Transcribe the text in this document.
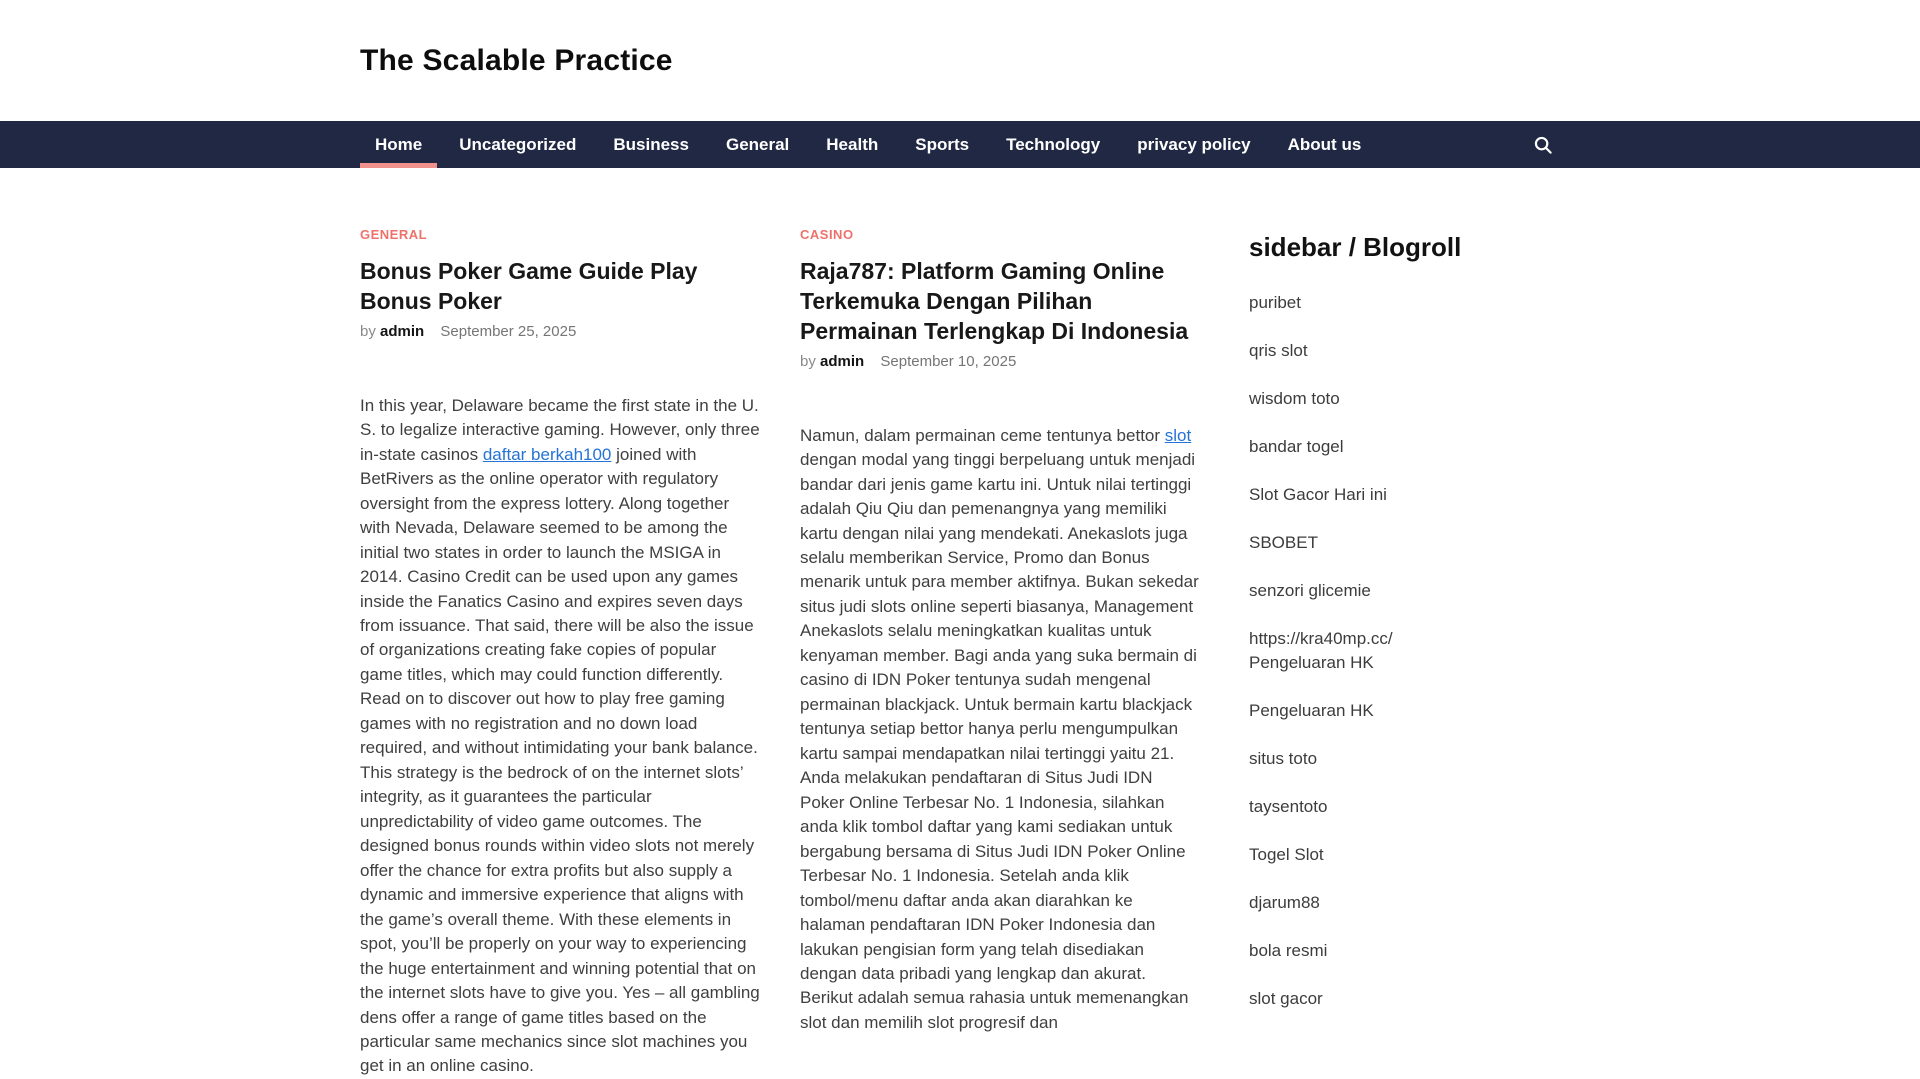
The Scalable Practice
Home	Uncategorized	Business	General	Health	Sports	Technology	privacy policy	About us
GENERAL
Bonus Poker Game Guide Play Bonus Poker
by admin September 25, 2025

In this year, Delaware became the first state in the U. S. to legalize interactive gaming. However, only three in-state casinos daftar berkah100 joined with BetRivers as the online operator with regulatory oversight from the express lottery. Along together with Nevada, Delaware seemed to be among the initial two states in order to launch the MSIGA in 2014. Casino Credit can be used upon any games inside the Fanatics Casino and expires seven days from issuance. That said, there will be also the issue of organizations creating fake copies of popular game titles, which may could function differently. Read on to discover out how to play free gaming games with no registration and no down load required, and without intimidating your bank balance.

This strategy is the bedrock of on the internet slots’ integrity, as it guarantees the particular unpredictability of video game outcomes. The designed bonus rounds within video slots not merely offer the chance for extra profits but also supply a dynamic and immersive experience that aligns with the game’s overall theme. With these elements in spot, you’ll be properly on your way to experiencing the huge entertainment and winning potential that on the internet slots have to give you. Yes – all gambling dens offer a range of game titles based on the particular same mechanics since slot machines you get in an online casino.

CASINO
Raja787: Platform Gaming Online Terkemuka Dengan Pilihan Permainan Terlengkap Di Indonesia
by admin September 10, 2025

Namun, dalam permainan ceme tentunya bettor slot dengan modal yang tinggi berpeluang untuk menjadi bandar dari jenis game kartu ini. Untuk nilai tertinggi adalah Qiu Qiu dan pemenangnya yang memiliki kartu dengan nilai yang mendekati. Anekaslots juga selalu memberikan Service, Promo dan Bonus menarik untuk para member aktifnya. Bukan sekedar situs judi slots online seperti biasanya, Management Anekaslots selalu meningkatkan kualitas untuk kenyaman member. Bagi anda yang suka bermain di casino di IDN Poker tentunya sudah mengenal permainan blackjack. Untuk bermain kartu blackjack tentunya setiap bettor hanya perlu mengumpulkan kartu sampai mendapatkan nilai tertinggi yaitu 21.

Anda melakukan pendaftaran di Situs Judi IDN Poker Online Terbesar No. 1 Indonesia, silahkan anda klik tombol daftar yang kami sediakan untuk bergabung bersama di Situs Judi IDN Poker Online Terbesar No. 1 Indonesia. Setelah anda klik tombol/menu daftar anda akan diarahkan ke halaman pendaftaran IDN Poker Indonesia dan lakukan pengisian form yang telah disediakan dengan data pribadi yang lengkap dan akurat. Berikut adalah semua rahasia untuk memenangkan slot dan memilih slot progresif dan

sidebar / Blogroll
puribet
qris slot
wisdom toto
bandar togel
Slot Gacor Hari ini
SBOBET
senzori glicemie
https://kra40mp.cc/ Pengeluaran HK
Pengeluaran HK
situs toto
taysentoto
Togel Slot
djarum88
bola resmi
slot gacor
